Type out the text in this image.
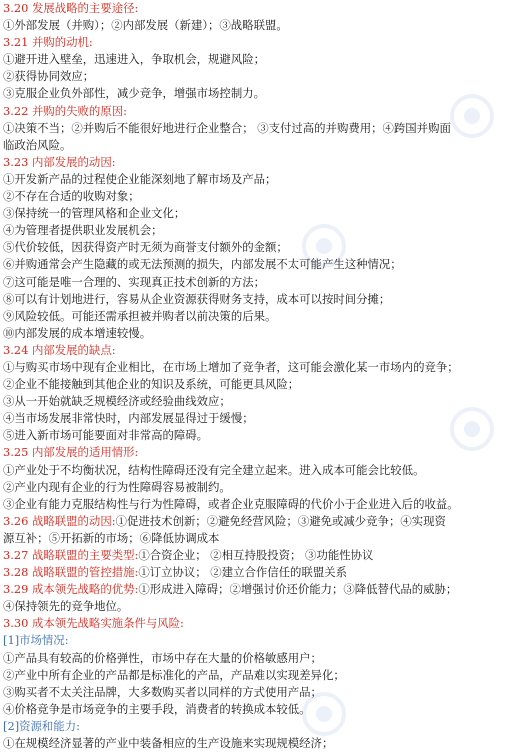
3.20 发展战略的主要途径:
①外部发展（并购）；②内部发展（新建）；③战略联盟。
3.21 并购的动机:
①避开进入壁垒，迅速进入，争取机会，规避风险；
②获得协同效应；
③克服企业负外部性，减少竞争，增强市场控制力。
3.22 并购的失败的原因:
①决策不当；②并购后不能很好地进行企业整合； ③支付过高的并购费用；④跨国并购面
临政治风险。
3.23 内部发展的动因:
①开发新产品的过程使企业能深刻地了解市场及产品；
②不存在合适的收购对象；
③保持统一的管理风格和企业文化；
④为管理者提供职业发展机会；
⑤代价较低，因获得资产时无须为商誉支付额外的金额；
⑥并购通常会产生隐藏的或无法预测的损失，内部发展不太可能产生这种情况；
⑦这可能是唯一合理的、实现真正技术创新的方法；
⑧可以有计划地进行，容易从企业资源获得财务支持，成本可以按时间分摊；
⑨风险较低。可能还需承担被并购者以前决策的后果。
⑩内部发展的成本增速较慢。
3.24 内部发展的缺点:
①与购买市场中现有企业相比，在市场上增加了竞争者，这可能会激化某一市场内的竞争；
②企业不能接触到其他企业的知识及系统，可能更具风险；
③从一开始就缺乏规模经济或经验曲线效应；
④当市场发展非常快时，内部发展显得过于缓慢；
⑤进入新市场可能要面对非常高的障碍。
3.25 内部发展的适用情形:
①产业处于不均衡状况，结构性障碍还没有完全建立起来。进入成本可能会比较低。
②产业内现有企业的行为性障碍容易被制约。
③企业有能力克服结构性与行为性障碍，或者企业克服障碍的代价小于企业进入后的收益。
3.26 战略联盟的动因:①促进技术创新；②避免经营风险；③避免或减少竞争；④实现资
源互补；⑤开拓新的市场；⑥降低协调成本
3.27 战略联盟的主要类型:①合资企业； ②相互持股投资； ③功能性协议
3.28 战略联盟的管控措施:①订立协议； ②建立合作信任的联盟关系
3.29 成本领先战略的优势:①形成进入障碍；②增强讨价还价能力；③降低替代品的威胁；
④保持领先的竞争地位。
3.30 成本领先战略实施条件与风险:
[1]市场情况:
①产品具有较高的价格弹性，市场中存在大量的价格敏感用户；
②产业中所有企业的产品都是标准化的产品，产品难以实现差异化；
③购买者不太关注品牌，大多数购买者以同样的方式使用产品；
④价格竞争是市场竞争的主要手段，消费者的转换成本较低。
[2]资源和能力:
①在规模经济显著的产业中装备相应的生产设施来实现规模经济；
